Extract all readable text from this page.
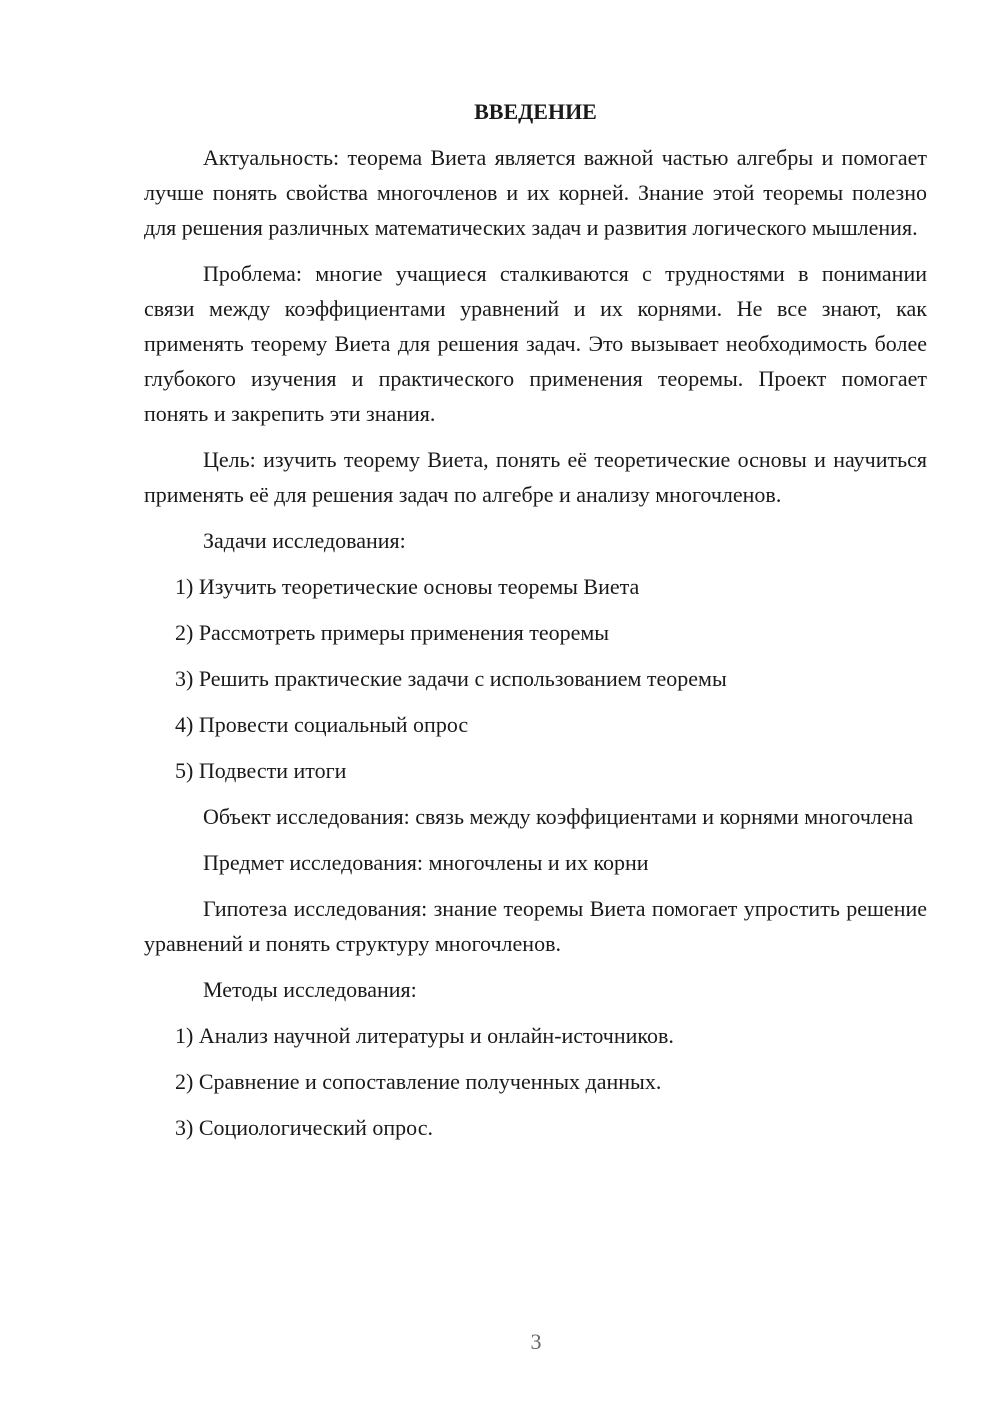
ВВЕДЕНИЕ

Актуальность: теорема Виета является важной частью алгебры и помогает лучше понять свойства многочленов и их корней. Знание этой теоремы полезно для решения различных математических задач и развития логического мышления.

Проблема: многие учащиеся сталкиваются с трудностями в понимании связи между коэффициентами уравнений и их корнями. Не все знают, как применять теорему Виета для решения задач. Это вызывает необходимость более глубокого изучения и практического применения теоремы. Проект помогает понять и закрепить эти знания.

Цель: изучить теорему Виета, понять её теоретические основы и научиться применять её для решения задач по алгебре и анализу многочленов.

Задачи исследования:

1) Изучить теоретические основы теоремы Виета
2) Рассмотреть примеры применения теоремы
3) Решить практические задачи с использованием теоремы
4) Провести социальный опрос
5) Подвести итоги

Объект исследования: связь между коэффициентами и корнями многочлена

Предмет исследования: многочлены и их корни

Гипотеза исследования: знание теоремы Виета помогает упростить решение уравнений и понять структуру многочленов.

Методы исследования:

1) Анализ научной литературы и онлайн-источников.
2) Сравнение и сопоставление полученных данных.
3) Социологический опрос.
3
